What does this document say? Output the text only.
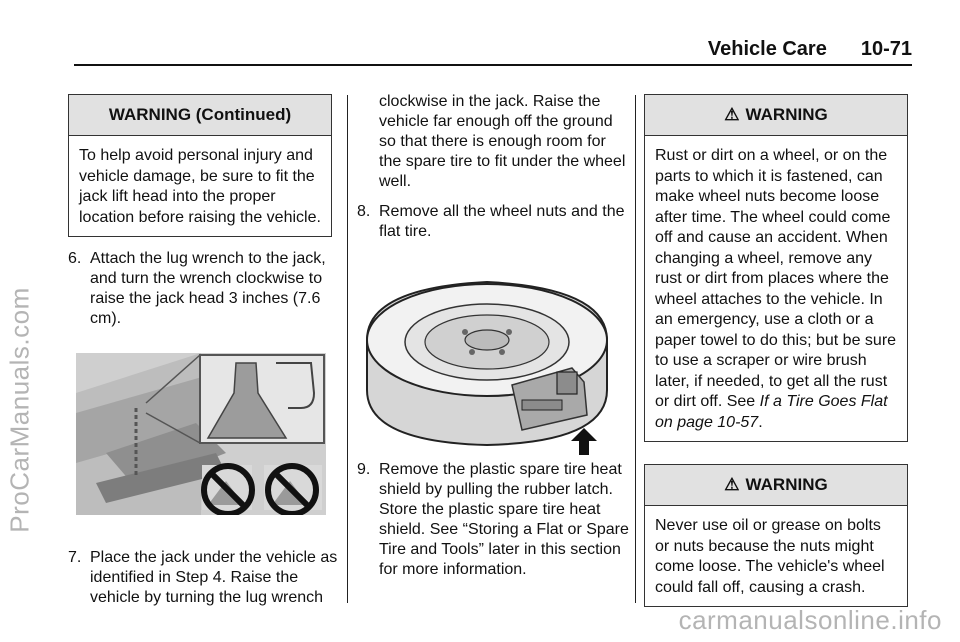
ProCarManuals.com
carmanualsonline.info
Vehicle Care 10-71
WARNING (Continued)
To help avoid personal injury and vehicle damage, be sure to fit the jack lift head into the proper location before raising the vehicle.
6. Attach the lug wrench to the jack, and turn the wrench clockwise to raise the jack head 3 inches (7.6 cm).
7. Place the jack under the vehicle as identified in Step 4. Raise the vehicle by turning the lug wrench
clockwise in the jack. Raise the vehicle far enough off the ground so that there is enough room for the spare tire to fit under the wheel well.
8. Remove all the wheel nuts and the flat tire.
9. Remove the plastic spare tire heat shield by pulling the rubber latch. Store the plastic spare tire heat shield. See “Storing a Flat or Spare Tire and Tools” later in this section for more information.
⚠ WARNING
Rust or dirt on a wheel, or on the parts to which it is fastened, can make wheel nuts become loose after time. The wheel could come off and cause an accident. When changing a wheel, remove any rust or dirt from places where the wheel attaches to the vehicle. In an emergency, use a cloth or a paper towel to do this; but be sure to use a scraper or wire brush later, if needed, to get all the rust or dirt off. See If a Tire Goes Flat on page 10-57.
⚠ WARNING
Never use oil or grease on bolts or nuts because the nuts might come loose. The vehicle's wheel could fall off, causing a crash.
